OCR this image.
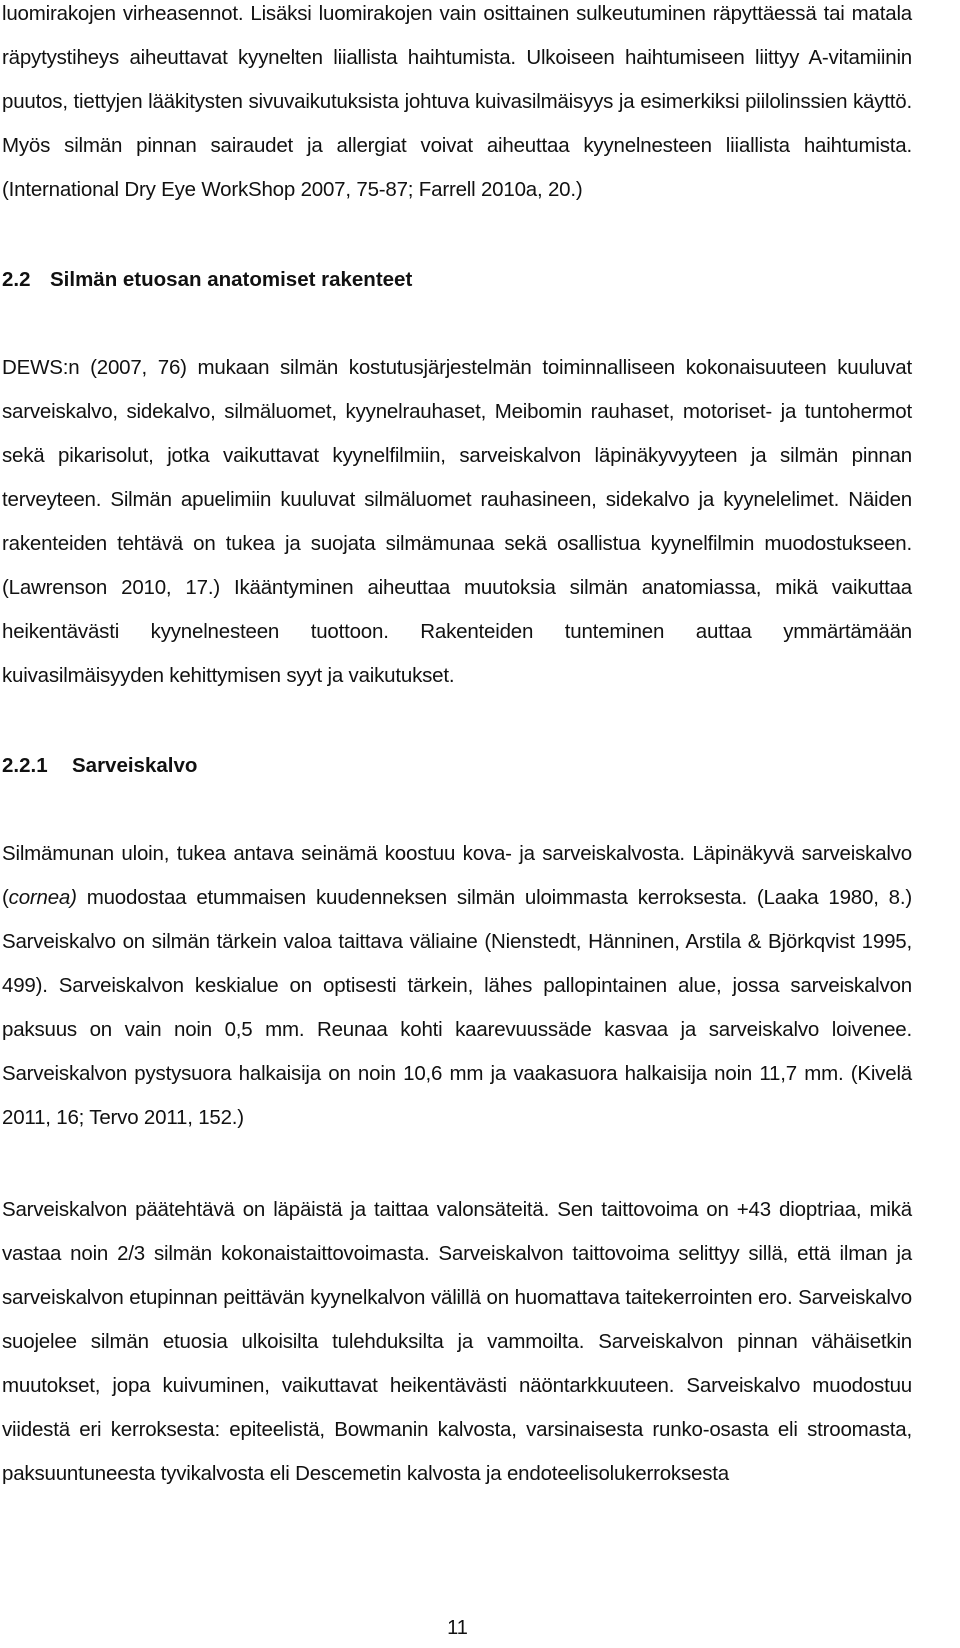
luomirakojen virheasennot. Lisäksi luomirakojen vain osittainen sulkeutuminen räpyttäessä tai matala räpytystiheys aiheuttavat kyynelten liiallista haihtumista. Ulkoiseen haihtumiseen liittyy A-vitamiinin puutos, tiettyjen lääkitysten sivuvaikutuksista johtuva kuivasilmäisyys ja esimerkiksi piilolinssien käyttö. Myös silmän pinnan sairaudet ja allergiat voivat aiheuttaa kyynelnesteen liiallista haihtumista. (International Dry Eye WorkShop 2007, 75-87; Farrell 2010a, 20.)

2.2 Silmän etuosan anatomiset rakenteet

DEWS:n (2007, 76) mukaan silmän kostutusjärjestelmän toiminnalliseen kokonaisuuteen kuuluvat sarveiskalvo, sidekalvo, silmäluomet, kyynelrauhaset, Meibomin rauhaset, motoriset- ja tuntohermot sekä pikarisolut, jotka vaikuttavat kyynelfilmiin, sarveiskalvon läpinäkyvyyteen ja silmän pinnan terveyteen. Silmän apuelimiin kuuluvat silmäluomet rauhasineen, sidekalvo ja kyynelelimet. Näiden rakenteiden tehtävä on tukea ja suojata silmämunaa sekä osallistua kyynelfilmin muodostukseen. (Lawrenson 2010, 17.) Ikääntyminen aiheuttaa muutoksia silmän anatomiassa, mikä vaikuttaa heikentävästi kyynelnesteen tuottoon. Rakenteiden tunteminen auttaa ymmärtämään kuivasilmäisyyden kehittymisen syyt ja vaikutukset.

2.2.1 Sarveiskalvo

Silmämunan uloin, tukea antava seinämä koostuu kova- ja sarveiskalvosta. Läpinäkyvä sarveiskalvo (cornea) muodostaa etummaisen kuudenneksen silmän uloimmasta kerroksesta. (Laaka 1980, 8.) Sarveiskalvo on silmän tärkein valoa taittava väliaine (Nienstedt, Hänninen, Arstila & Björkqvist 1995, 499). Sarveiskalvon keskialue on optisesti tärkein, lähes pallopintainen alue, jossa sarveiskalvon paksuus on vain noin 0,5 mm. Reunaa kohti kaarevuussäde kasvaa ja sarveiskalvo loivenee. Sarveiskalvon pystysuora halkaisija on noin 10,6 mm ja vaakasuora halkaisija noin 11,7 mm. (Kivelä 2011, 16; Tervo 2011, 152.)

Sarveiskalvon päätehtävä on läpäistä ja taittaa valonsäteitä. Sen taittovoima on +43 dioptriaa, mikä vastaa noin 2/3 silmän kokonaistaittovoimasta. Sarveiskalvon taittovoima selittyy sillä, että ilman ja sarveiskalvon etupinnan peittävän kyynelkalvon välillä on huomattava taitekerrointen ero. Sarveiskalvo suojelee silmän etuosia ulkoisilta tulehduksilta ja vammoilta. Sarveiskalvon pinnan vähäisetkin muutokset, jopa kuivuminen, vaikuttavat heikentävästi näöntarkkuuteen. Sarveiskalvo muodostuu viidestä eri kerroksesta: epiteelistä, Bowmanin kalvosta, varsinaisesta runko-osasta eli stroomasta, paksuuntuneesta tyvikalvosta eli Descemetin kalvosta ja endoteelisolukerroksesta

11
